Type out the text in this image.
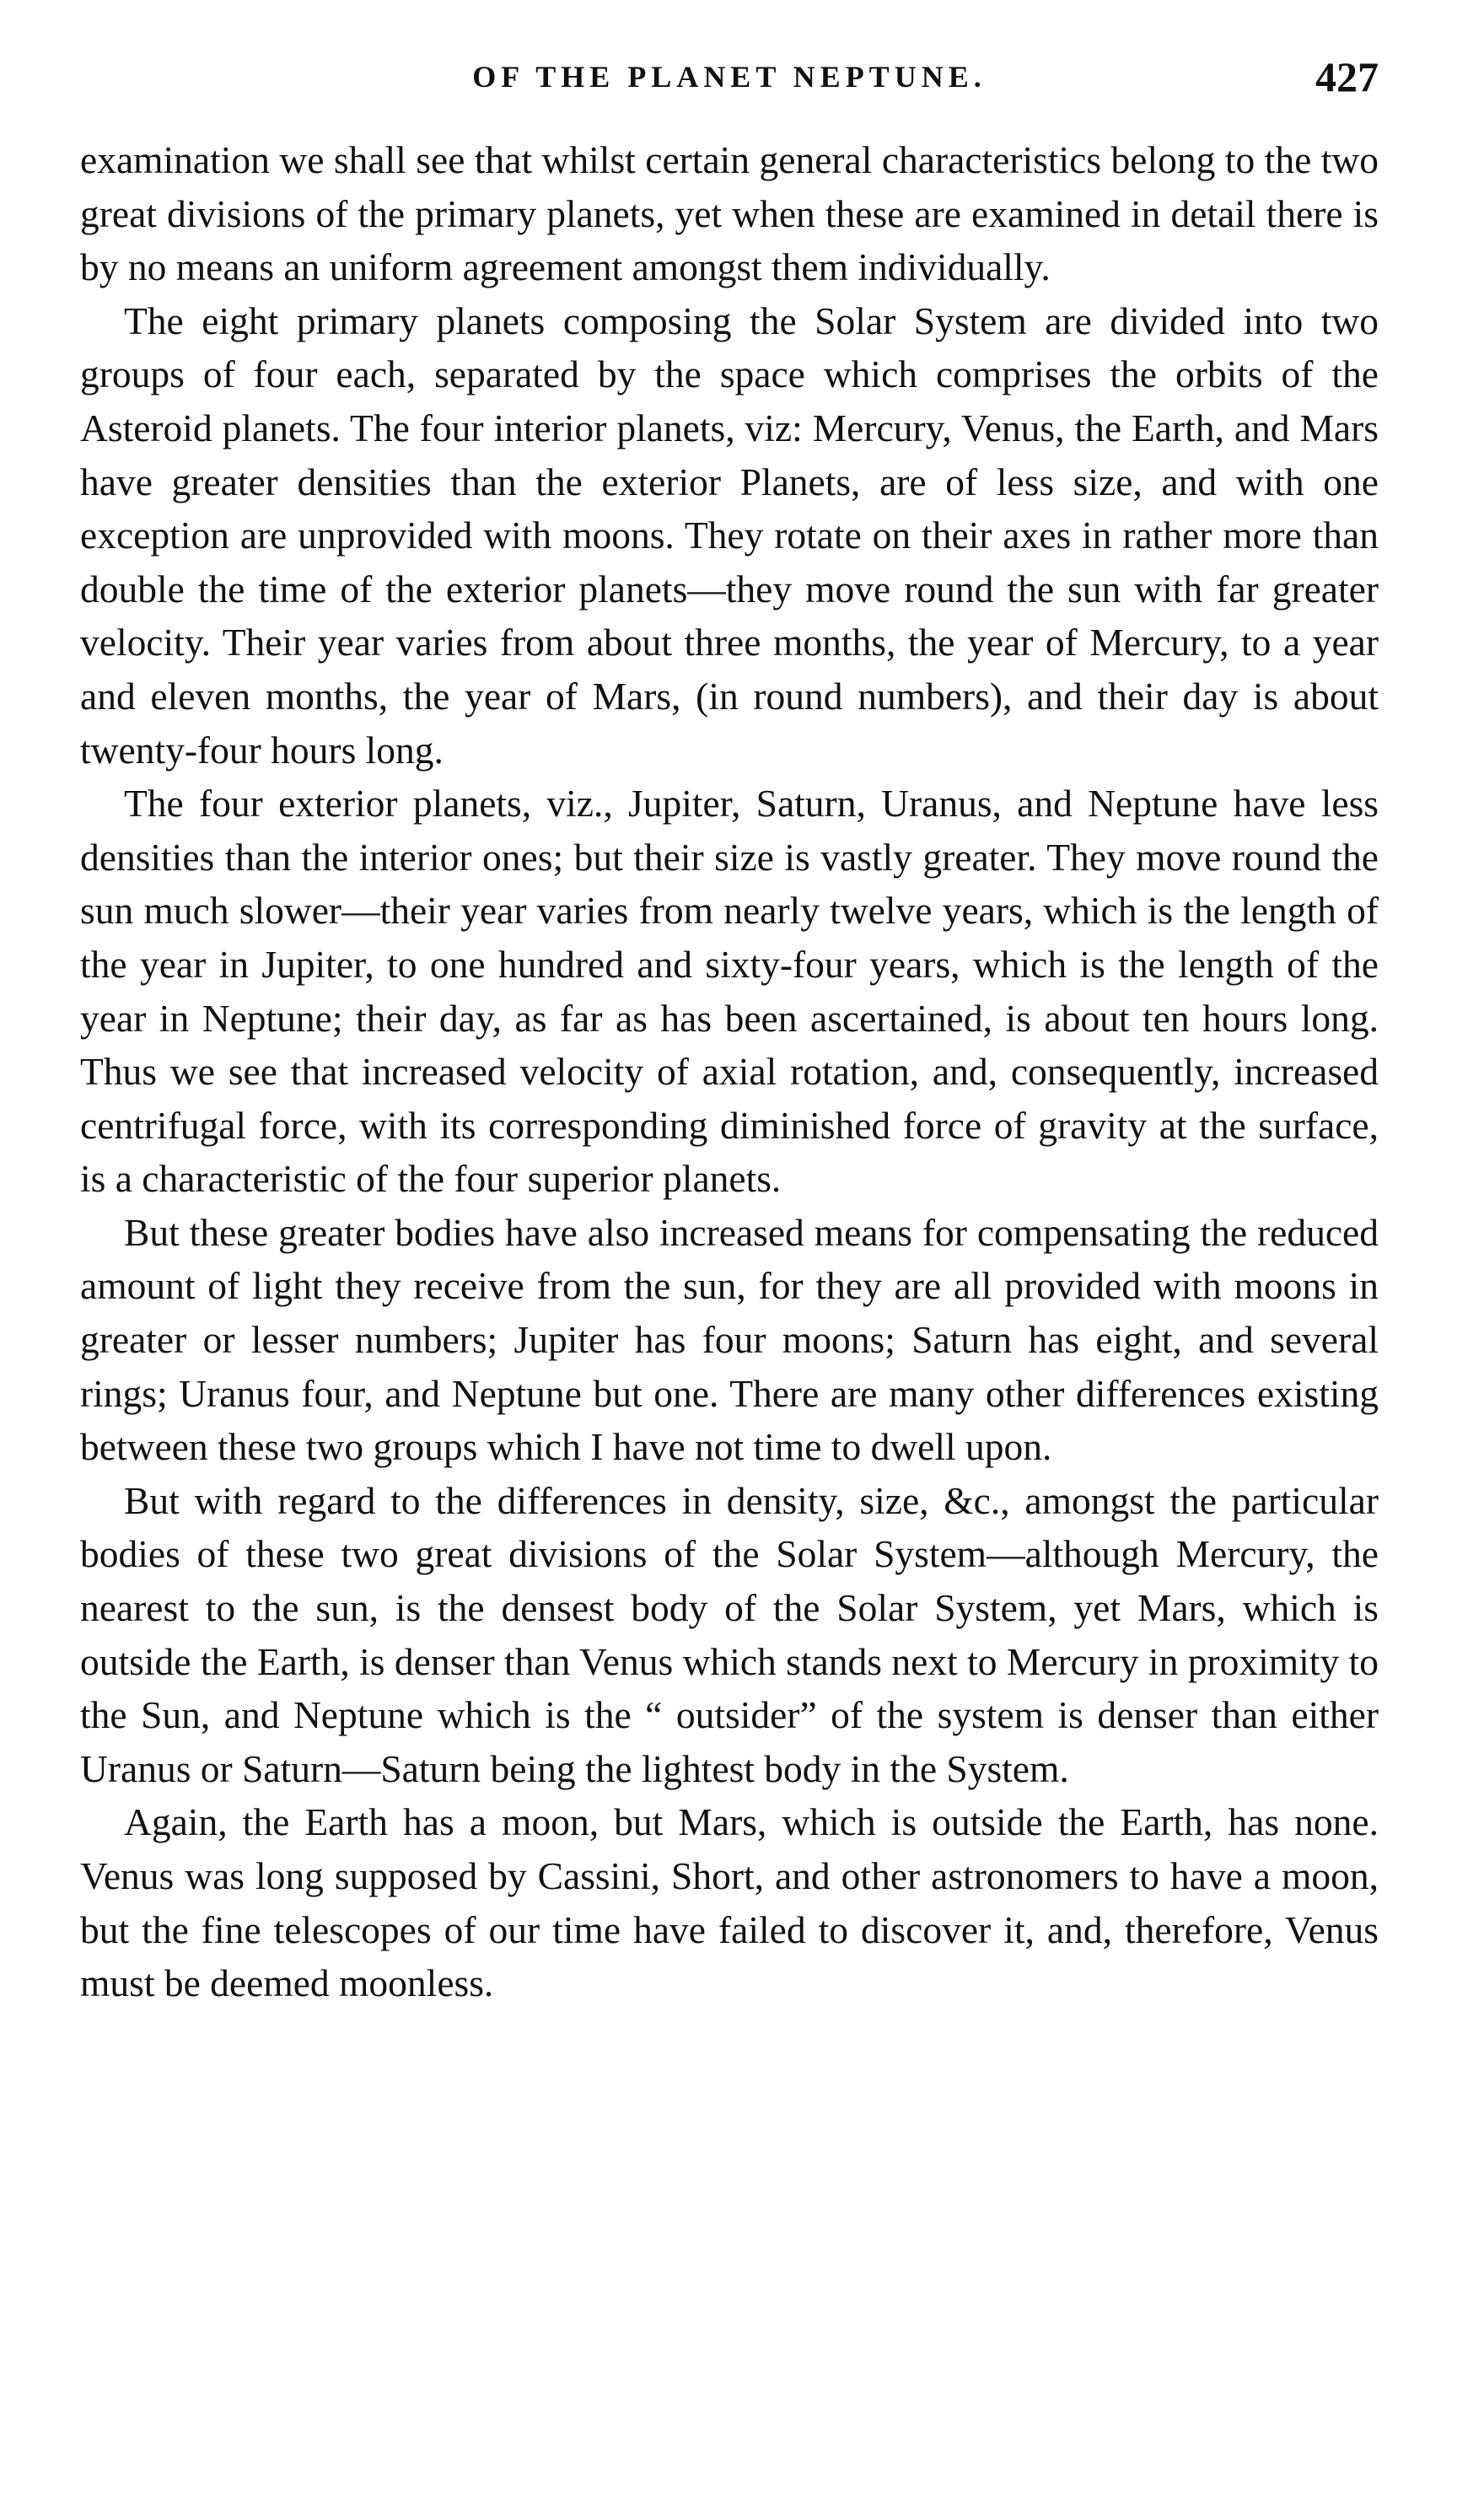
OF THE PLANET NEPTUNE.	427

examination we shall see that whilst certain general characteristics belong to the two great divisions of the primary planets, yet when these are examined in detail there is by no means an uniform agreement amongst them individually.

The eight primary planets composing the Solar System are divided into two groups of four each, separated by the space which comprises the orbits of the Asteroid planets. The four interior planets, viz: Mercury, Venus, the Earth, and Mars have greater densities than the exterior Planets, are of less size, and with one exception are unprovided with moons. They rotate on their axes in rather more than double the time of the exterior planets—they move round the sun with far greater velocity. Their year varies from about three months, the year of Mercury, to a year and eleven months, the year of Mars, (in round numbers), and their day is about twenty-four hours long.

The four exterior planets, viz., Jupiter, Saturn, Uranus, and Neptune have less densities than the interior ones; but their size is vastly greater. They move round the sun much slower—their year varies from nearly twelve years, which is the length of the year in Jupiter, to one hundred and sixty-four years, which is the length of the year in Neptune; their day, as far as has been ascertained, is about ten hours long. Thus we see that increased velocity of axial rotation, and, consequently, increased centrifugal force, with its corresponding diminished force of gravity at the surface, is a characteristic of the four superior planets.

But these greater bodies have also increased means for compensating the reduced amount of light they receive from the sun, for they are all provided with moons in greater or lesser numbers; Jupiter has four moons; Saturn has eight, and several rings; Uranus four, and Neptune but one. There are many other differences existing between these two groups which I have not time to dwell upon.

But with regard to the differences in density, size, &c., amongst the particular bodies of these two great divisions of the Solar System—although Mercury, the nearest to the sun, is the densest body of the Solar System, yet Mars, which is outside the Earth, is denser than Venus which stands next to Mercury in proximity to the Sun, and Neptune which is the “ outsider” of the system is denser than either Uranus or Saturn—Saturn being the lightest body in the System.

Again, the Earth has a moon, but Mars, which is outside the Earth, has none. Venus was long supposed by Cassini, Short, and other astronomers to have a moon, but the fine telescopes of our time have failed to discover it, and, therefore, Venus must be deemed moonless.
